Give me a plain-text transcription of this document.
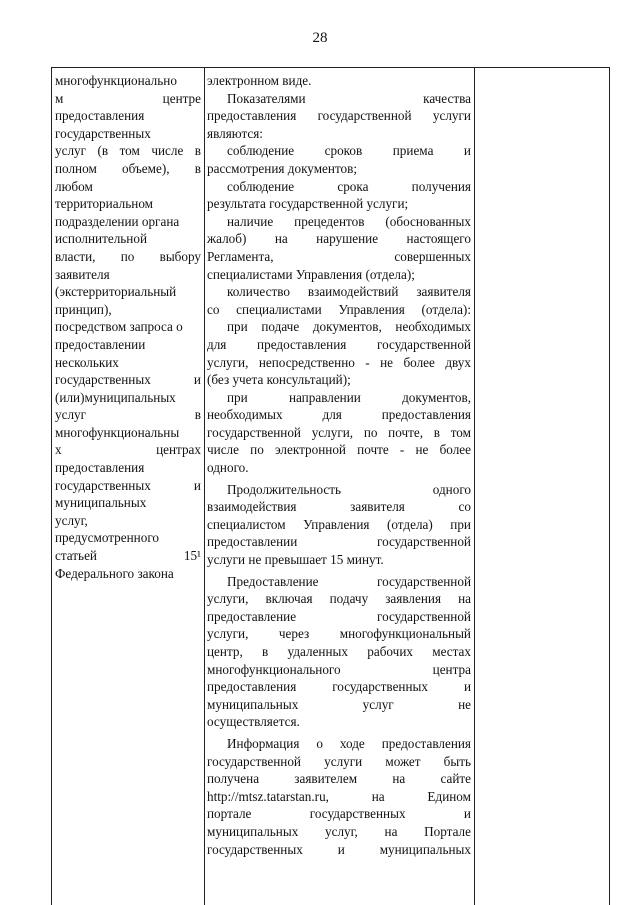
28
многофункционально
м центре
предоставления
государственных
услуг (в том числе в
полном объеме), в
любом
территориальном
подразделении органа
исполнительной
власти, по выбору
заявителя
(экстерриториальный
принцип),
посредством запроса о
предоставлении
нескольких
государственных и
(или)муниципальных
услуг в
многофункциональны
х центрах
предоставления
государственных и
муниципальных
услуг,
предусмотренного
статьей 15¹
Федерального закона
электронном виде.
Показателями качества
предоставления государственной услуги
являются:
соблюдение сроков приема и
рассмотрения документов;
соблюдение срока получения
результата государственной услуги;
наличие прецедентов (обоснованных
жалоб) на нарушение настоящего
Регламента, совершенных
специалистами Управления (отдела);
количество взаимодействий заявителя
со специалистами Управления (отдела):
при подаче документов, необходимых
для предоставления государственной
услуги, непосредственно - не более двух
(без учета консультаций);
при направлении документов,
необходимых для предоставления
государственной услуги, по почте, в том
числе по электронной почте - не более
одного.
Продолжительность одного
взаимодействия заявителя со
специалистом Управления (отдела) при
предоставлении государственной
услуги не превышает 15 минут.
Предоставление государственной
услуги, включая подачу заявления на
предоставление государственной
услуги, через многофункциональный
центр, в удаленных рабочих местах
многофункционального центра
предоставления государственных и
муниципальных услуг не
осуществляется.
Информация о ходе предоставления
государственной услуги может быть
получена заявителем на сайте
http://mtsz.tatarstan.ru, на Едином
портале государственных и
муниципальных услуг, на Портале
государственных и муниципальных
